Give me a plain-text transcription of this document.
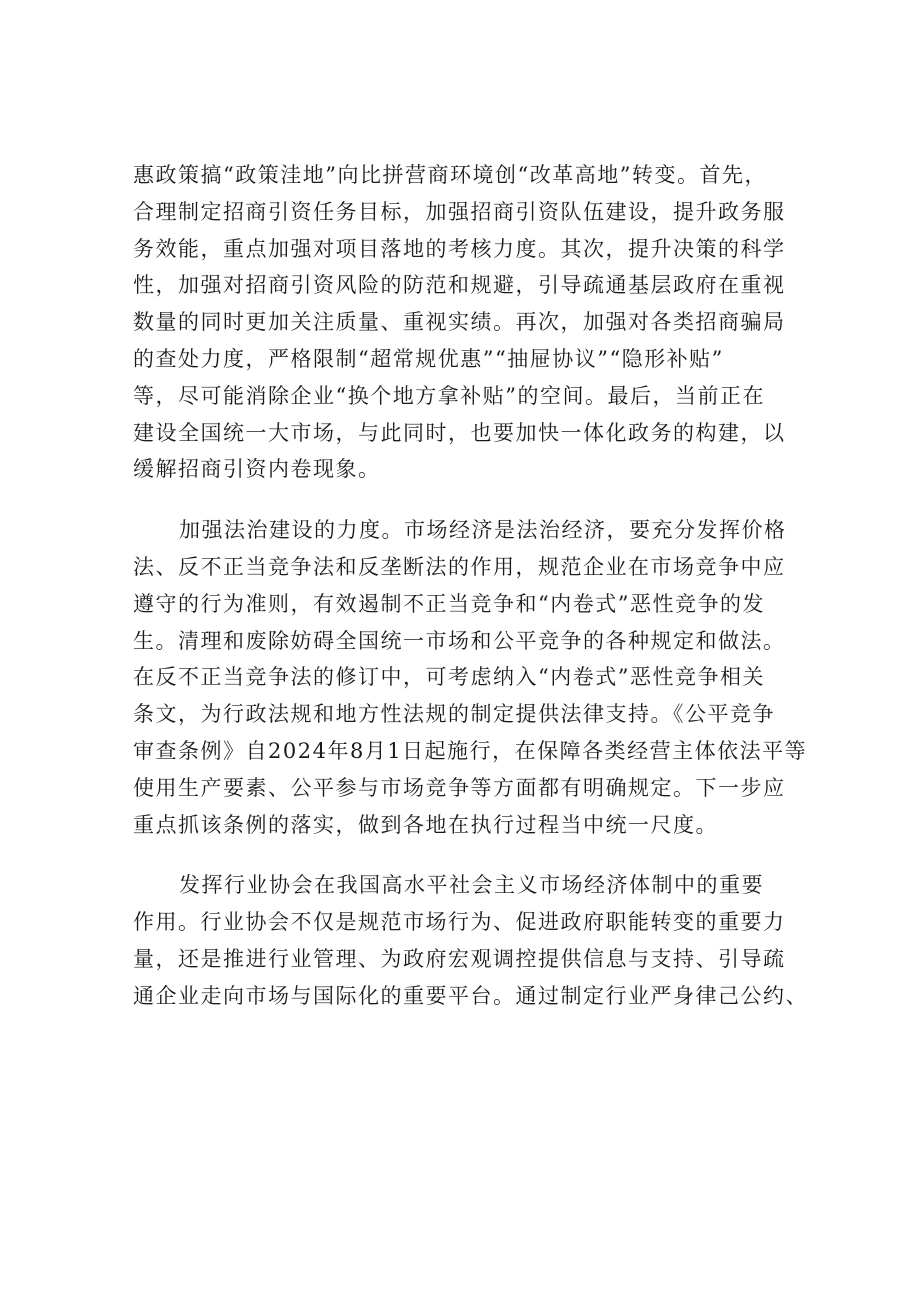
惠政策搞“政策洼地”向比拼营商环境创“改革高地”转变。首先，
合理制定招商引资任务目标，加强招商引资队伍建设，提升政务服
务效能，重点加强对项目落地的考核力度。其次，提升决策的科学
性，加强对招商引资风险的防范和规避，引导疏通基层政府在重视
数量的同时更加关注质量、重视实绩。再次，加强对各类招商骗局
的查处力度，严格限制“超常规优惠”“抽屉协议”“隐形补贴”
等，尽可能消除企业“换个地方拿补贴”的空间。最后，当前正在
建设全国统一大市场，与此同时，也要加快一体化政务的构建，以
缓解招商引资内卷现象。
加强法治建设的力度。市场经济是法治经济，要充分发挥价格
法、反不正当竞争法和反垄断法的作用，规范企业在市场竞争中应
遵守的行为准则，有效遏制不正当竞争和“内卷式”恶性竞争的发
生。清理和废除妨碍全国统一市场和公平竞争的各种规定和做法。
在反不正当竞争法的修订中，可考虑纳入“内卷式”恶性竞争相关
条文，为行政法规和地方性法规的制定提供法律支持。《公平竞争
审查条例》自2024年8月1日起施行，在保障各类经营主体依法平等
使用生产要素、公平参与市场竞争等方面都有明确规定。下一步应
重点抓该条例的落实，做到各地在执行过程当中统一尺度。
发挥行业协会在我国高水平社会主义市场经济体制中的重要
作用。行业协会不仅是规范市场行为、促进政府职能转变的重要力
量，还是推进行业管理、为政府宏观调控提供信息与支持、引导疏
通企业走向市场与国际化的重要平台。通过制定行业严身律己公约、
